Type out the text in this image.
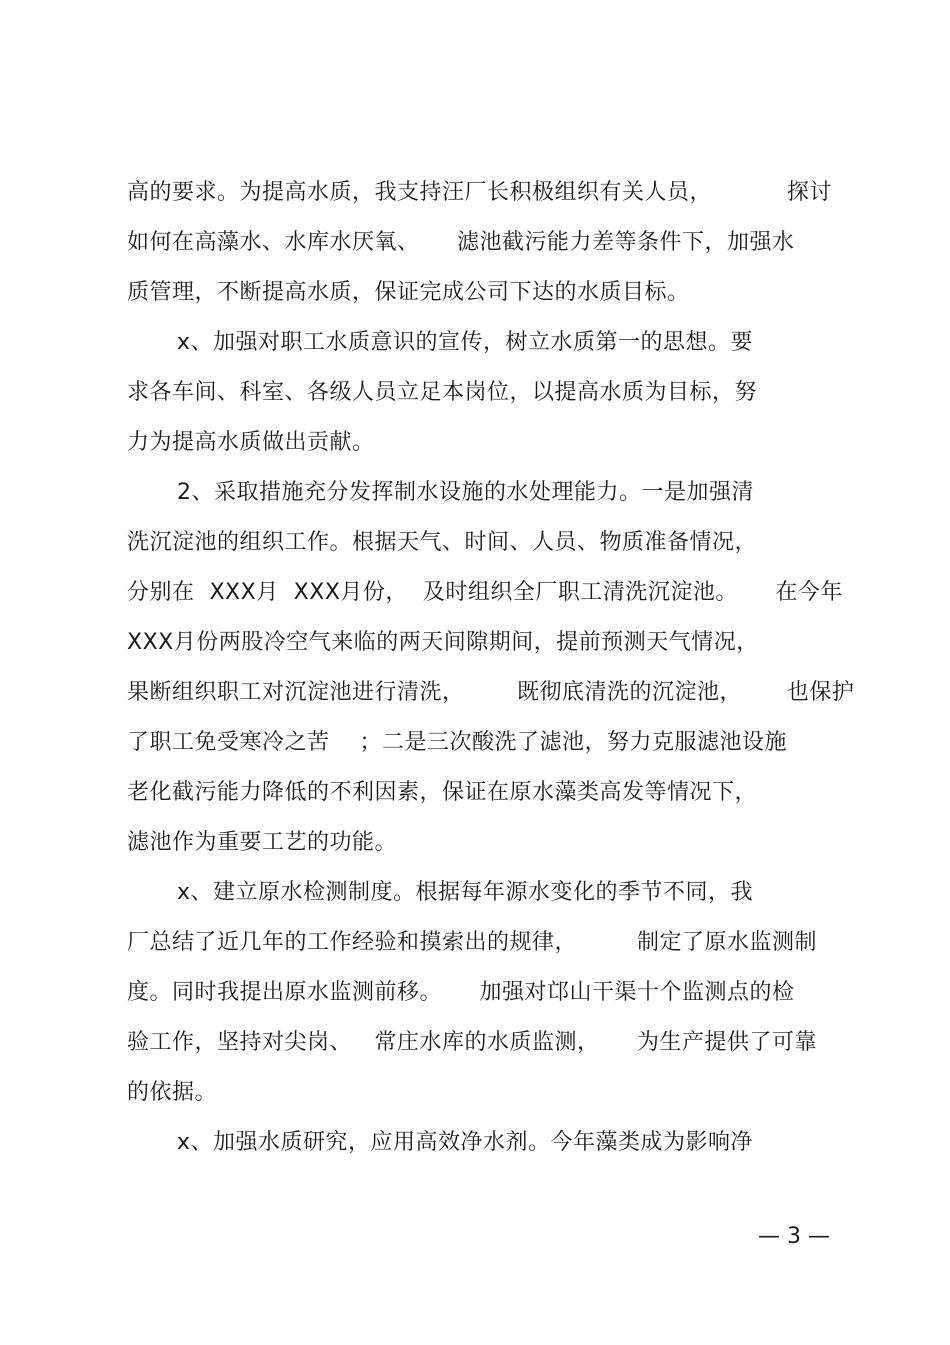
高的要求。为提高水质，我支持汪厂长积极组织有关人员，          探讨
如何在高藻水、水库水厌氧、     滤池截污能力差等条件下，加强水
质管理，不断提高水质，保证完成公司下达的水质目标。
x、加强对职工水质意识的宣传，树立水质第一的思想。要
求各车间、科室、各级人员立足本岗位，以提高水质为目标，努
力为提高水质做出贡献。
2、采取措施充分发挥制水设施的水处理能力。一是加强清
洗沉淀池的组织工作。根据天气、时间、人员、物质准备情况，
分别在  XXX月  XXX月份，  及时组织全厂职工清洗沉淀池。     在今年
XXX月份两股冷空气来临的两天间隙期间，提前预测天气情况，
果断组织职工对沉淀池进行清洗，       既彻底清洗的沉淀池，      也保护
了职工免受寒冷之苦    ；二是三次酸洗了滤池，努力克服滤池设施
老化截污能力降低的不利因素，保证在原水藻类高发等情况下，
滤池作为重要工艺的功能。
x、建立原水检测制度。根据每年源水变化的季节不同，我
厂总结了近几年的工作经验和摸索出的规律，        制定了原水监测制
度。同时我提出原水监测前移。     加强对邙山干渠十个监测点的检
验工作，坚持对尖岗、   常庄水库的水质监测，     为生产提供了可靠
的依据。
x、加强水质研究，应用高效净水剂。今年藻类成为影响净
— 3 —
